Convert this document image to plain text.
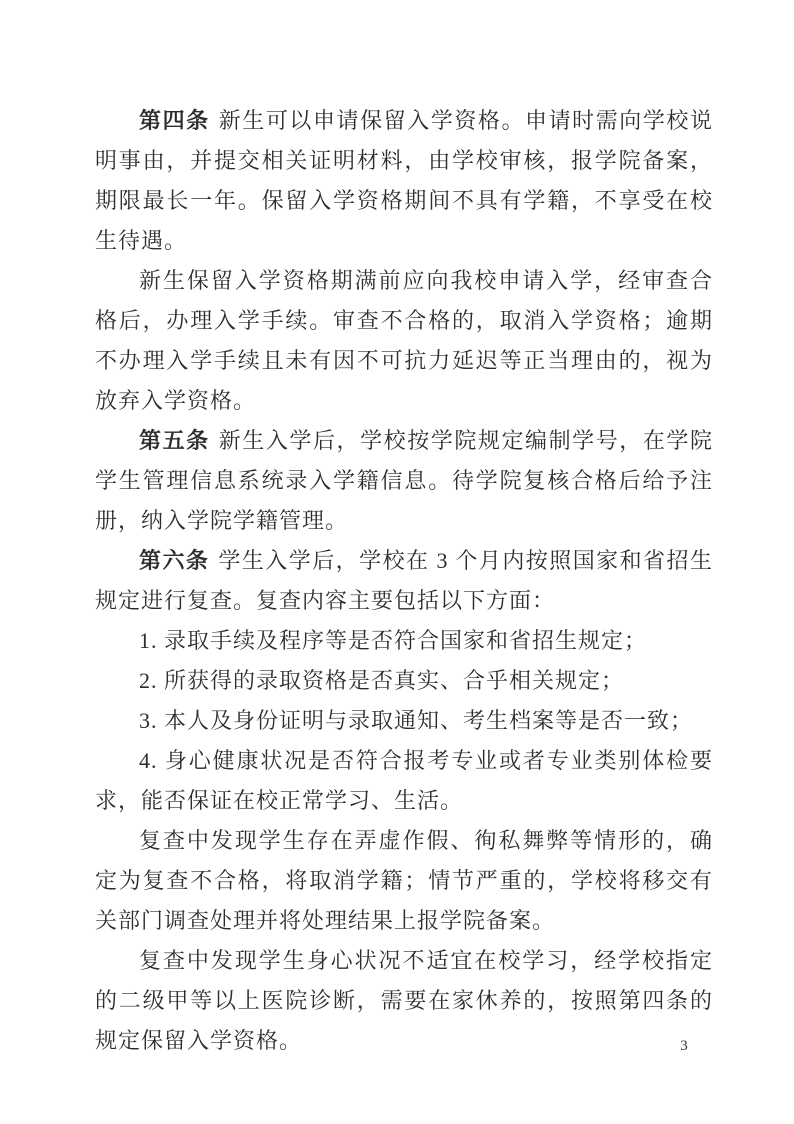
第四条 新生可以申请保留入学资格。申请时需向学校说明事由，并提交相关证明材料，由学校审核，报学院备案，期限最长一年。保留入学资格期间不具有学籍，不享受在校生待遇。

新生保留入学资格期满前应向我校申请入学，经审查合格后，办理入学手续。审查不合格的，取消入学资格；逾期不办理入学手续且未有因不可抗力延迟等正当理由的，视为放弃入学资格。

第五条 新生入学后，学校按学院规定编制学号，在学院学生管理信息系统录入学籍信息。待学院复核合格后给予注册，纳入学院学籍管理。

第六条 学生入学后，学校在 3 个月内按照国家和省招生规定进行复查。复查内容主要包括以下方面：

1. 录取手续及程序等是否符合国家和省招生规定；

2. 所获得的录取资格是否真实、合乎相关规定；

3. 本人及身份证明与录取通知、考生档案等是否一致；

4. 身心健康状况是否符合报考专业或者专业类别体检要求，能否保证在校正常学习、生活。

复查中发现学生存在弄虚作假、徇私舞弊等情形的，确定为复查不合格，将取消学籍；情节严重的，学校将移交有关部门调查处理并将处理结果上报学院备案。

复查中发现学生身心状况不适宜在校学习，经学校指定的二级甲等以上医院诊断，需要在家休养的，按照第四条的规定保留入学资格。	3
